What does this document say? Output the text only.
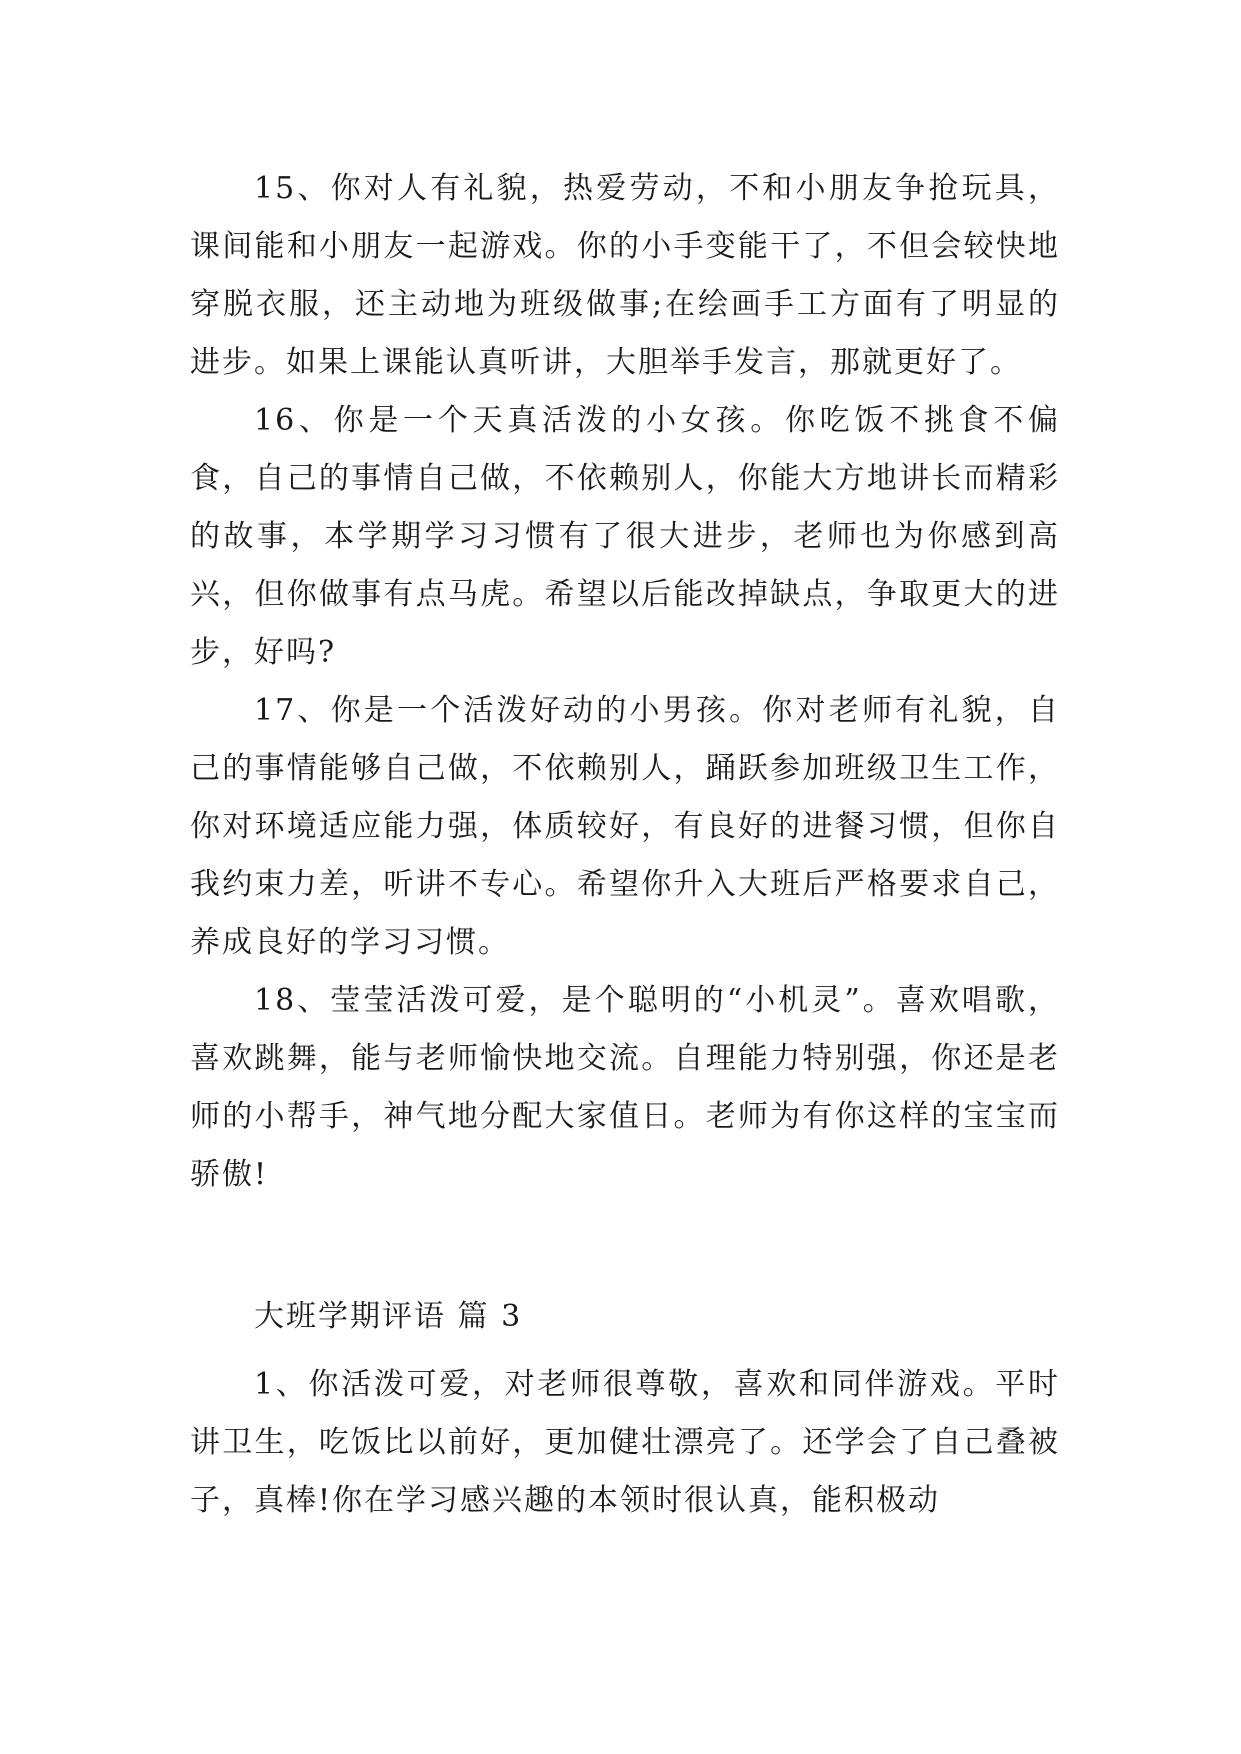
15、你对人有礼貌，热爱劳动，不和小朋友争抢玩具，课间能和小朋友一起游戏。你的小手变能干了，不但会较快地穿脱衣服，还主动地为班级做事;在绘画手工方面有了明显的进步。如果上课能认真听讲，大胆举手发言，那就更好了。

16、你是一个天真活泼的小女孩。你吃饭不挑食不偏食，自己的事情自己做，不依赖别人，你能大方地讲长而精彩的故事，本学期学习习惯有了很大进步，老师也为你感到高兴，但你做事有点马虎。希望以后能改掉缺点，争取更大的进步，好吗?

17、你是一个活泼好动的小男孩。你对老师有礼貌，自己的事情能够自己做，不依赖别人，踊跃参加班级卫生工作，你对环境适应能力强，体质较好，有良好的进餐习惯，但你自我约束力差，听讲不专心。希望你升入大班后严格要求自己，养成良好的学习习惯。

18、莹莹活泼可爱，是个聪明的“小机灵”。喜欢唱歌，喜欢跳舞，能与老师愉快地交流。自理能力特别强，你还是老师的小帮手，神气地分配大家值日。老师为有你这样的宝宝而骄傲!

大班学期评语 篇 3

1、你活泼可爱，对老师很尊敬，喜欢和同伴游戏。平时讲卫生，吃饭比以前好，更加健壮漂亮了。还学会了自己叠被子，真棒!你在学习感兴趣的本领时很认真，能积极动
